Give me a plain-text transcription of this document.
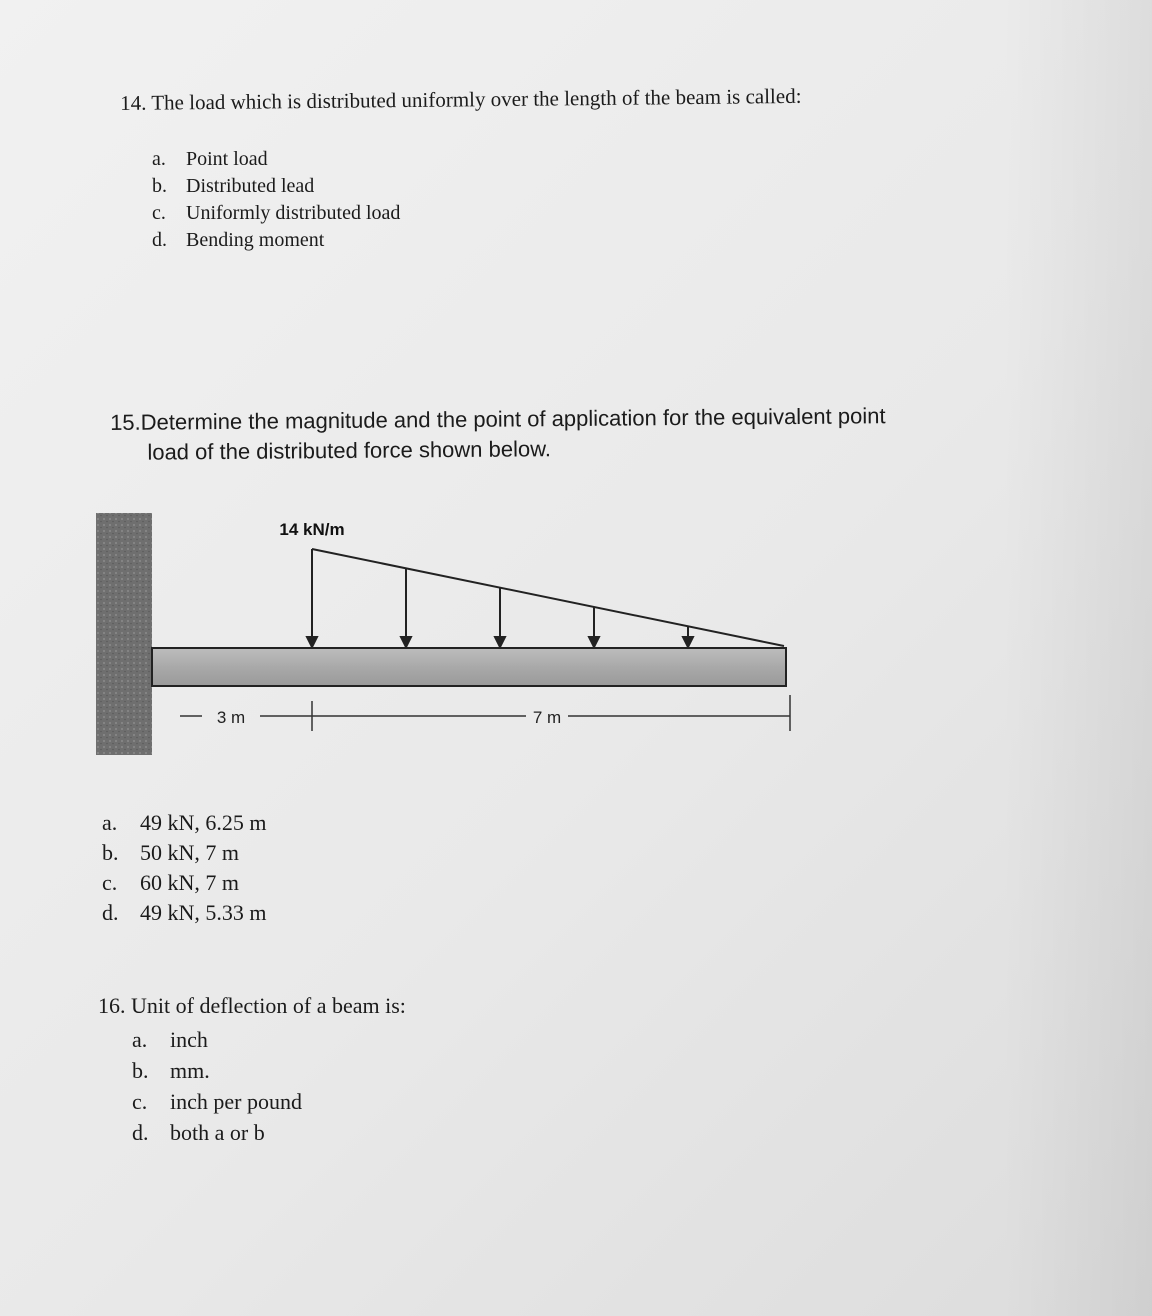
14. The load which is distributed uniformly over the length of the beam is called:
a. Point load
b. Distributed lead
c. Uniformly distributed load
d. Bending moment
15.Determine the magnitude and the point of application for the equivalent point
load of the distributed force shown below.
14 kN/m
3 m	7 m
a. 49 kN, 6.25 m
b. 50 kN, 7 m
c. 60 kN, 7 m
d. 49 kN, 5.33 m
16. Unit of deflection of a beam is:
a. inch
b. mm.
c. inch per pound
d. both a or b
